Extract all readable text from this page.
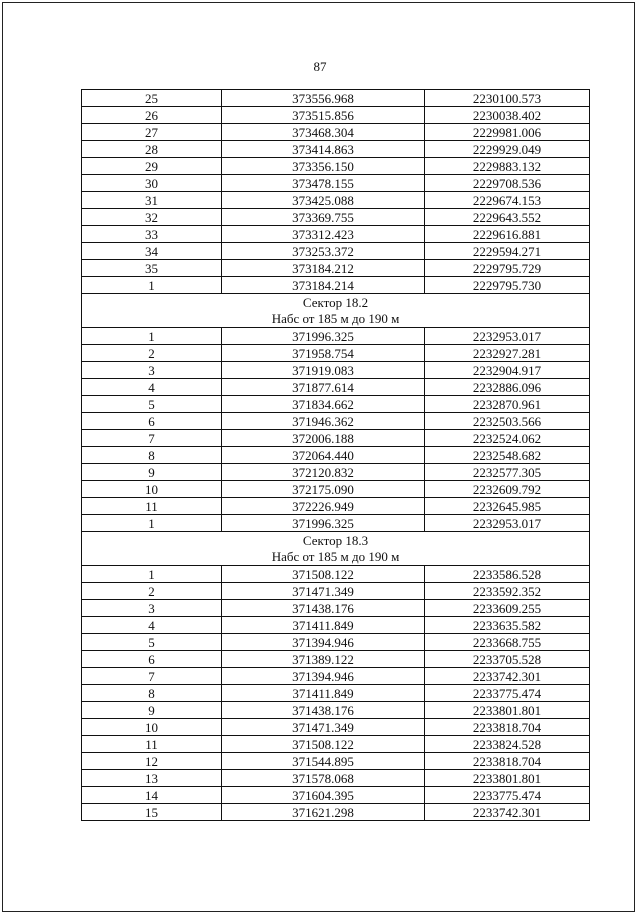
87
25	373556.968	2230100.573
26	373515.856	2230038.402
27	373468.304	2229981.006
28	373414.863	2229929.049
29	373356.150	2229883.132
30	373478.155	2229708.536
31	373425.088	2229674.153
32	373369.755	2229643.552
33	373312.423	2229616.881
34	373253.372	2229594.271
35	373184.212	2229795.729
1	373184.214	2229795.730

Сектор 18.2
Набс от 185 м до 190 м		

1	371996.325	2232953.017
2	371958.754	2232927.281
3	371919.083	2232904.917
4	371877.614	2232886.096
5	371834.662	2232870.961
6	371946.362	2232503.566
7	372006.188	2232524.062
8	372064.440	2232548.682
9	372120.832	2232577.305
10	372175.090	2232609.792
11	372226.949	2232645.985
1	371996.325	2232953.017

Сектор 18.3
Набс от 185 м до 190 м		

1	371508.122	2233586.528
2	371471.349	2233592.352
3	371438.176	2233609.255
4	371411.849	2233635.582
5	371394.946	2233668.755
6	371389.122	2233705.528
7	371394.946	2233742.301
8	371411.849	2233775.474
9	371438.176	2233801.801
10	371471.349	2233818.704
11	371508.122	2233824.528
12	371544.895	2233818.704
13	371578.068	2233801.801
14	371604.395	2233775.474
15	371621.298	2233742.301
